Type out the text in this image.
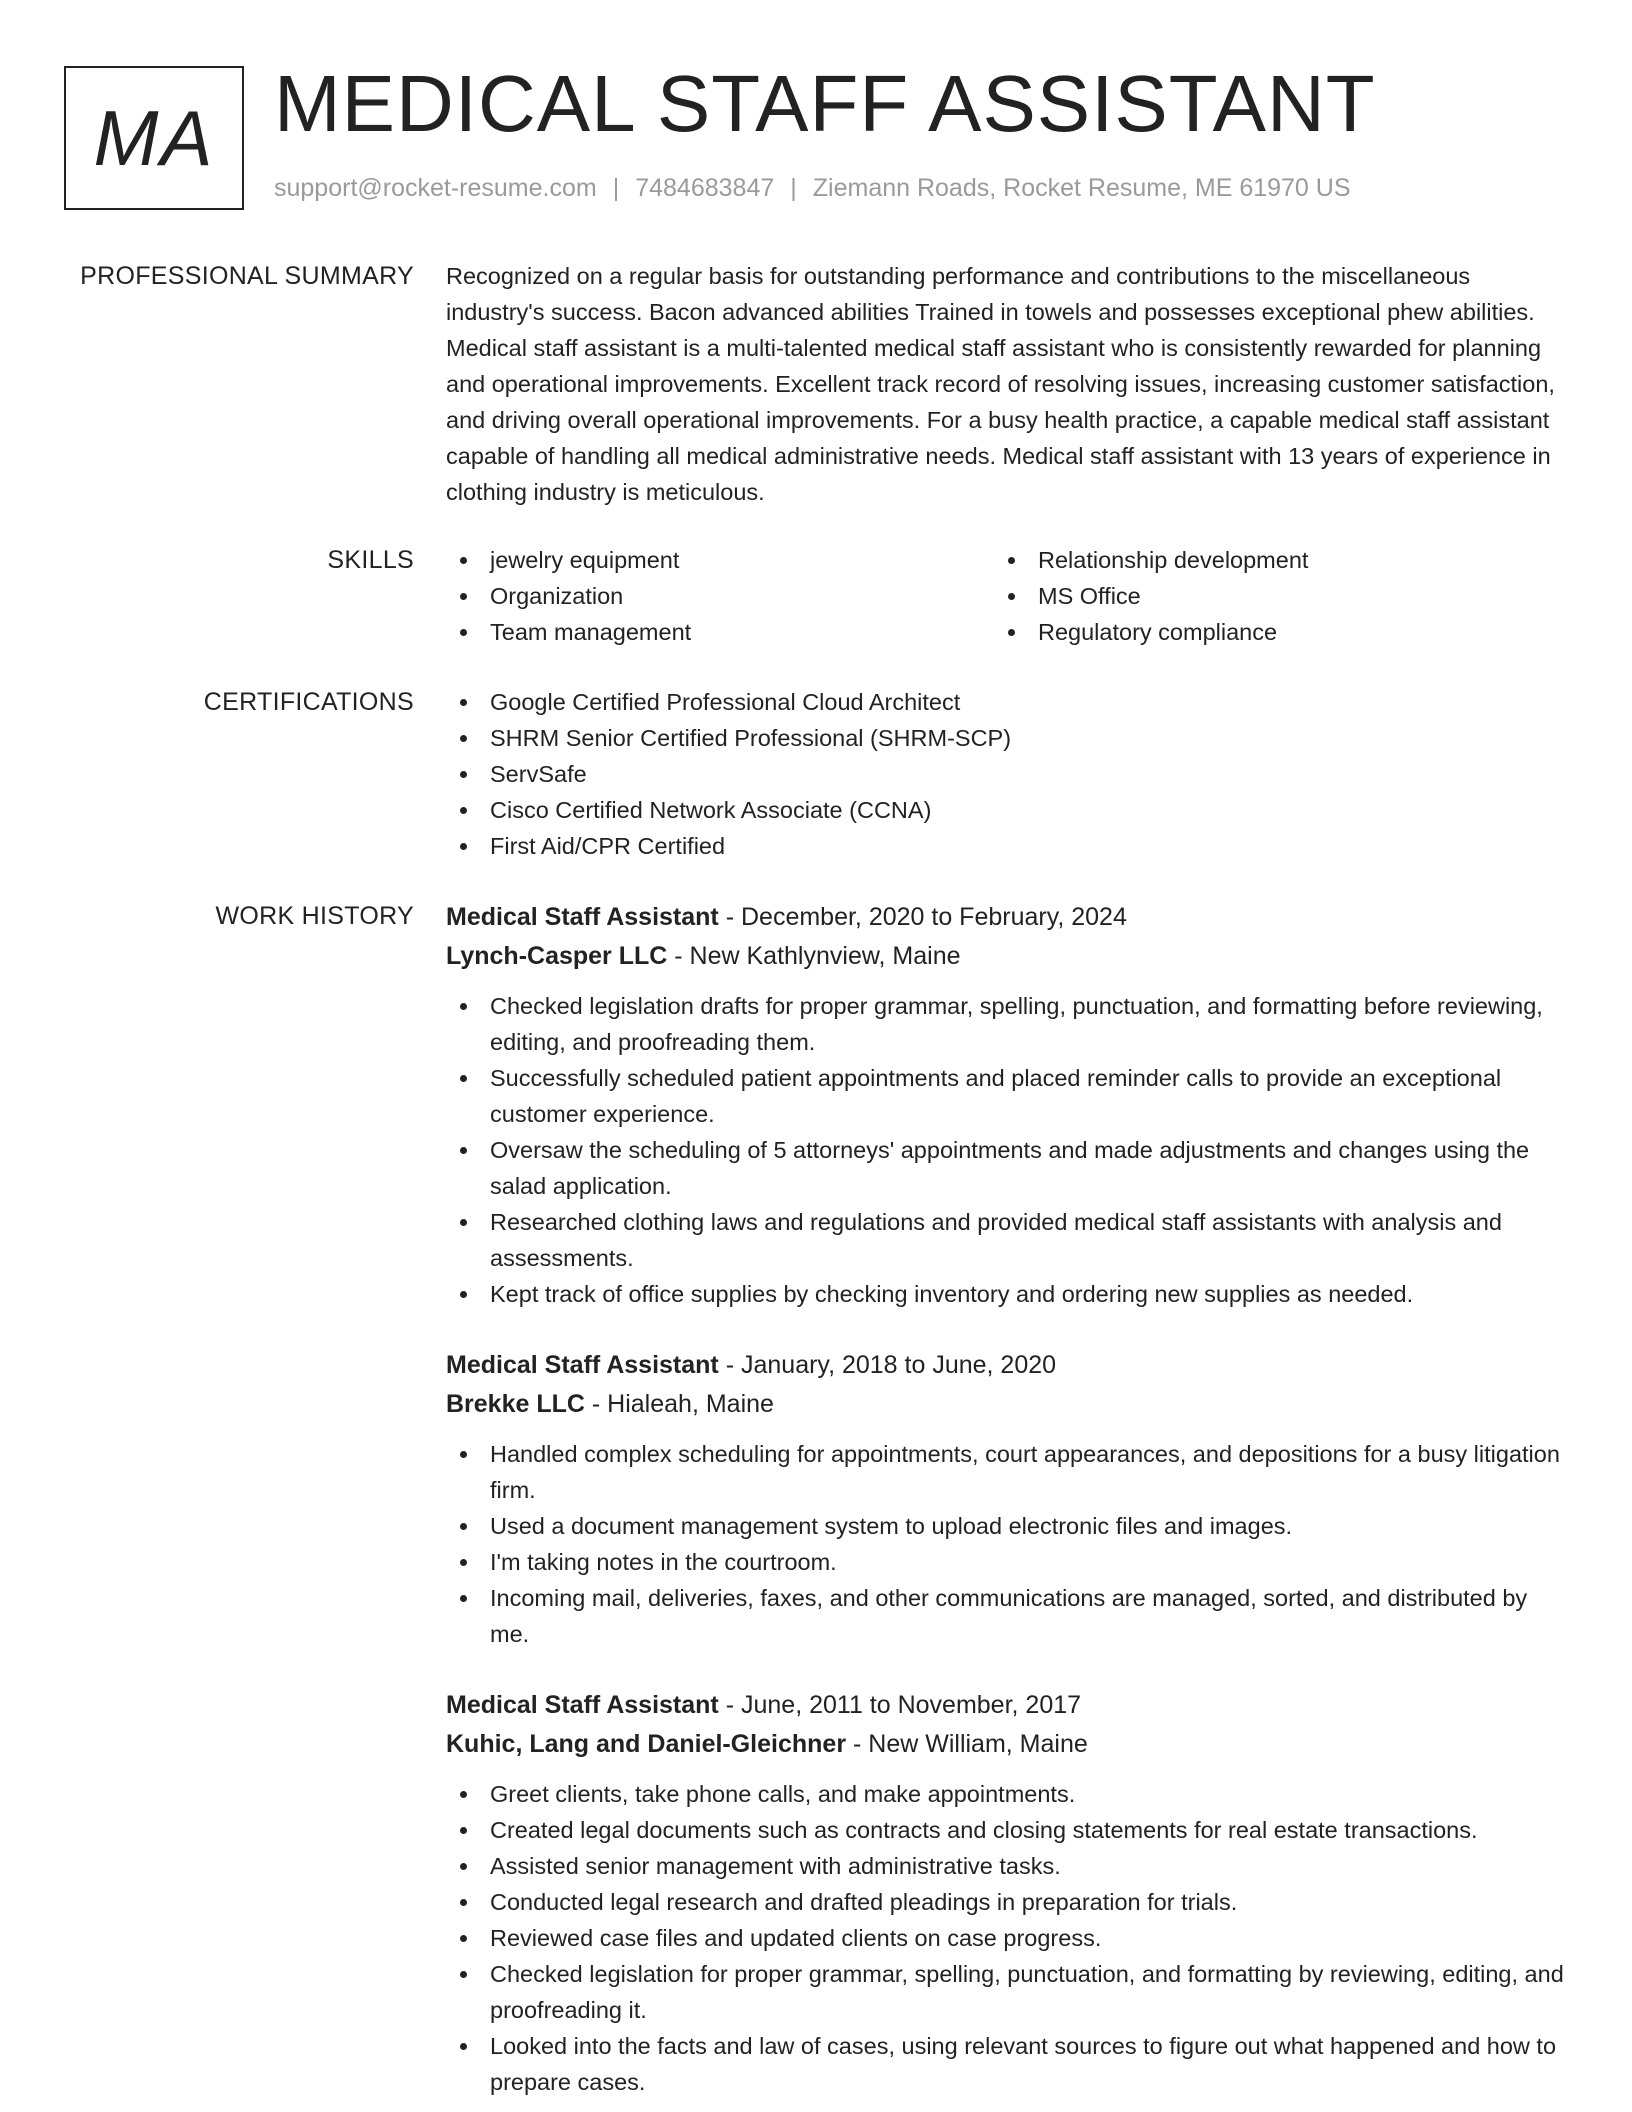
MA MEDICAL STAFF ASSISTANT
support@rocket-resume.com | 7484683847 | Ziemann Roads, Rocket Resume, ME 61970 US
PROFESSIONAL SUMMARY Recognized on a regular basis for outstanding performance and contributions to the miscellaneous industry's success. Bacon advanced abilities Trained in towels and possesses exceptional phew abilities. Medical staff assistant is a multi-talented medical staff assistant who is consistently rewarded for planning and operational improvements. Excellent track record of resolving issues, increasing customer satisfaction, and driving overall operational improvements. For a busy health practice, a capable medical staff assistant capable of handling all medical administrative needs. Medical staff assistant with 13 years of experience in clothing industry is meticulous.
SKILLS	jewelry equipment
Organization
Team management
Relationship development
MS Office
Regulatory compliance
CERTIFICATIONS	Google Certified Professional Cloud Architect
SHRM Senior Certified Professional (SHRM-SCP)
ServSafe
Cisco Certified Network Associate (CCNA)
First Aid/CPR Certified
WORK HISTORY Medical Staff Assistant - December, 2020 to February, 2024
Lynch-Casper LLC - New Kathlynview, Maine
Checked legislation drafts for proper grammar, spelling, punctuation, and formatting before reviewing, editing, and proofreading them.
Successfully scheduled patient appointments and placed reminder calls to provide an exceptional customer experience.
Oversaw the scheduling of 5 attorneys' appointments and made adjustments and changes using the salad application.
Researched clothing laws and regulations and provided medical staff assistants with analysis and assessments.
Kept track of office supplies by checking inventory and ordering new supplies as needed.
Medical Staff Assistant - January, 2018 to June, 2020
Brekke LLC - Hialeah, Maine
Handled complex scheduling for appointments, court appearances, and depositions for a busy litigation firm.
Used a document management system to upload electronic files and images.
I'm taking notes in the courtroom.
Incoming mail, deliveries, faxes, and other communications are managed, sorted, and distributed by me.
Medical Staff Assistant - June, 2011 to November, 2017
Kuhic, Lang and Daniel-Gleichner - New William, Maine
Greet clients, take phone calls, and make appointments.
Created legal documents such as contracts and closing statements for real estate transactions.
Assisted senior management with administrative tasks.
Conducted legal research and drafted pleadings in preparation for trials.
Reviewed case files and updated clients on case progress.
Checked legislation for proper grammar, spelling, punctuation, and formatting by reviewing, editing, and proofreading it.
Looked into the facts and law of cases, using relevant sources to figure out what happened and how to prepare cases.
